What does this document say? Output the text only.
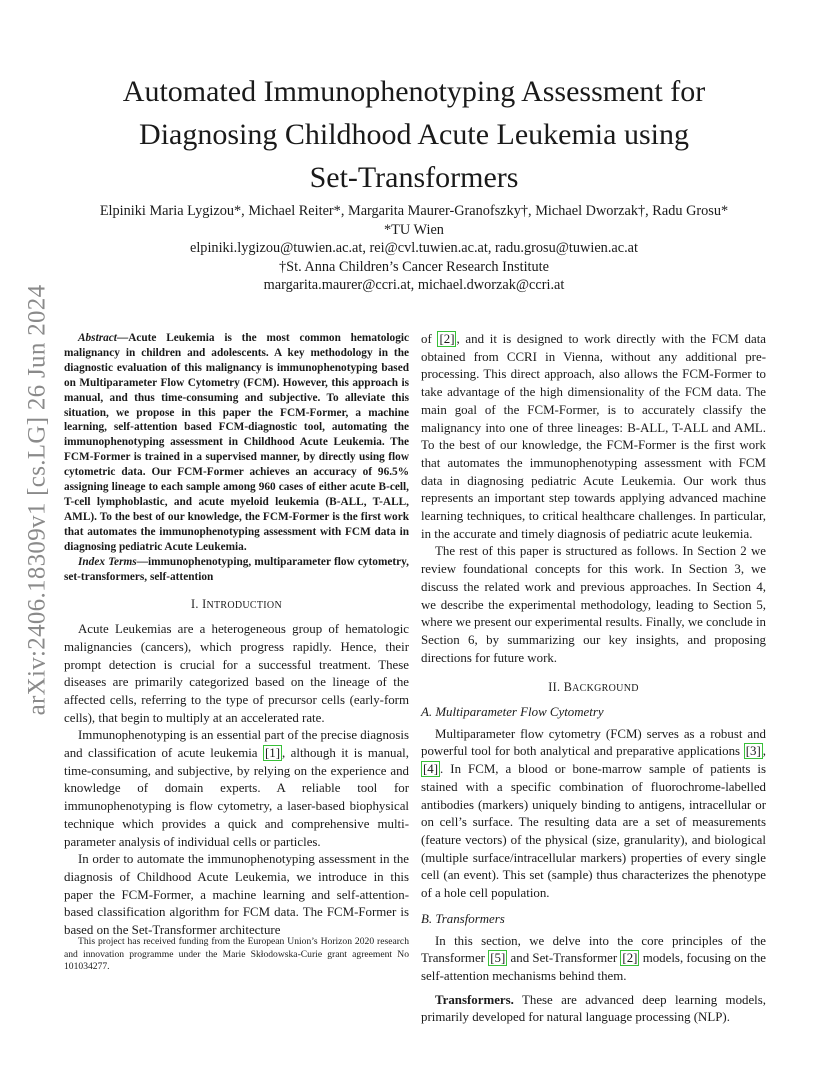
arXiv:2406.18309v1 [cs.LG] 26 Jun 2024
Automated Immunophenotyping Assessment for
Diagnosing Childhood Acute Leukemia using
Set-Transformers
Elpiniki Maria Lygizou*, Michael Reiter*, Margarita Maurer-Granofszky†, Michael Dworzak†, Radu Grosu*
*TU Wien
elpiniki.lygizou@tuwien.ac.at, rei@cvl.tuwien.ac.at, radu.grosu@tuwien.ac.at
†St. Anna Children’s Cancer Research Institute
margarita.maurer@ccri.at, michael.dworzak@ccri.at

Abstract—Acute Leukemia is the most common hematologic malignancy in children and adolescents. A key methodology in the diagnostic evaluation of this malignancy is immunophenotyping based on Multiparameter Flow Cytometry (FCM). However, this approach is manual, and thus time-consuming and subjective. To alleviate this situation, we propose in this paper the FCM-Former, a machine learning, self-attention based FCM-diagnostic tool, automating the immunophenotyping assessment in Childhood Acute Leukemia. The FCM-Former is trained in a supervised manner, by directly using flow cytometric data. Our FCM-Former achieves an accuracy of 96.5% assigning lineage to each sample among 960 cases of either acute B-cell, T-cell lymphoblastic, and acute myeloid leukemia (B-ALL, T-ALL, AML). To the best of our knowledge, the FCM-Former is the first work that automates the immunophenotyping assessment with FCM data in diagnosing pediatric Acute Leukemia.

Index Terms—immunophenotyping, multiparameter flow cytometry, set-transformers, self-attention

I. INTRODUCTION

Acute Leukemias are a heterogeneous group of hematologic malignancies (cancers), which progress rapidly. Hence, their prompt detection is crucial for a successful treatment. These diseases are primarily categorized based on the lineage of the affected cells, referring to the type of precursor cells (early-form cells), that begin to multiply at an accelerated rate.

Immunophenotyping is an essential part of the precise diagnosis and classification of acute leukemia [1] , although it is manual, time-consuming, and subjective, by relying on the experience and knowledge of domain experts. A reliable tool for immunophenotyping is flow cytometry, a laser-based biophysical technique which provides a quick and comprehensive multi-parameter analysis of individual cells or particles.

In order to automate the immunophenotyping assessment in the diagnosis of Childhood Acute Leukemia, we introduce in this paper the FCM-Former, a machine learning and self-attention-based classification algorithm for FCM data. The FCM-Former is based on the Set-Transformer architecture

This project has received funding from the European Union’s Horizon 2020 research and innovation programme under the Marie Skłodowska-Curie grant agreement No 101034277.

of [2] , and it is designed to work directly with the FCM data obtained from CCRI in Vienna, without any additional pre-processing. This direct approach, also allows the FCM-Former to take advantage of the high dimensionality of the FCM data. The main goal of the FCM-Former, is to accurately classify the malignancy into one of three lineages: B-ALL, T-ALL and AML. To the best of our knowledge, the FCM-Former is the first work that automates the immunophenotyping assessment with FCM data in diagnosing pediatric Acute Leukemia. Our work thus represents an important step towards applying advanced machine learning techniques, to critical healthcare challenges. In particular, in the accurate and timely diagnosis of pediatric acute leukemia.

The rest of this paper is structured as follows. In Section 2 we review foundational concepts for this work. In Section 3, we discuss the related work and previous approaches. In Section 4, we describe the experimental methodology, leading to Section 5, where we present our experimental results. Finally, we conclude in Section 6, by summarizing our key insights, and proposing directions for future work.

II. BACKGROUND
A. Multiparameter Flow Cytometry

Multiparameter flow cytometry (FCM) serves as a robust and powerful tool for both analytical and preparative applications [3] , [4] . In FCM, a blood or bone-marrow sample of patients is stained with a specific combination of fluorochrome-labelled antibodies (markers) uniquely binding to antigens, intracellular or on cell’s surface. The resulting data are a set of measurements (feature vectors) of the physical (size, granularity), and biological (multiple surface/intracellular markers) properties of every single cell (an event). This set (sample) thus characterizes the phenotype of a hole cell population.

B. Transformers

In this section, we delve into the core principles of the Transformer [5] and Set-Transformer [2] models, focusing on the self-attention mechanisms behind them.

Transformers. These are advanced deep learning models, primarily developed for natural language processing (NLP).
